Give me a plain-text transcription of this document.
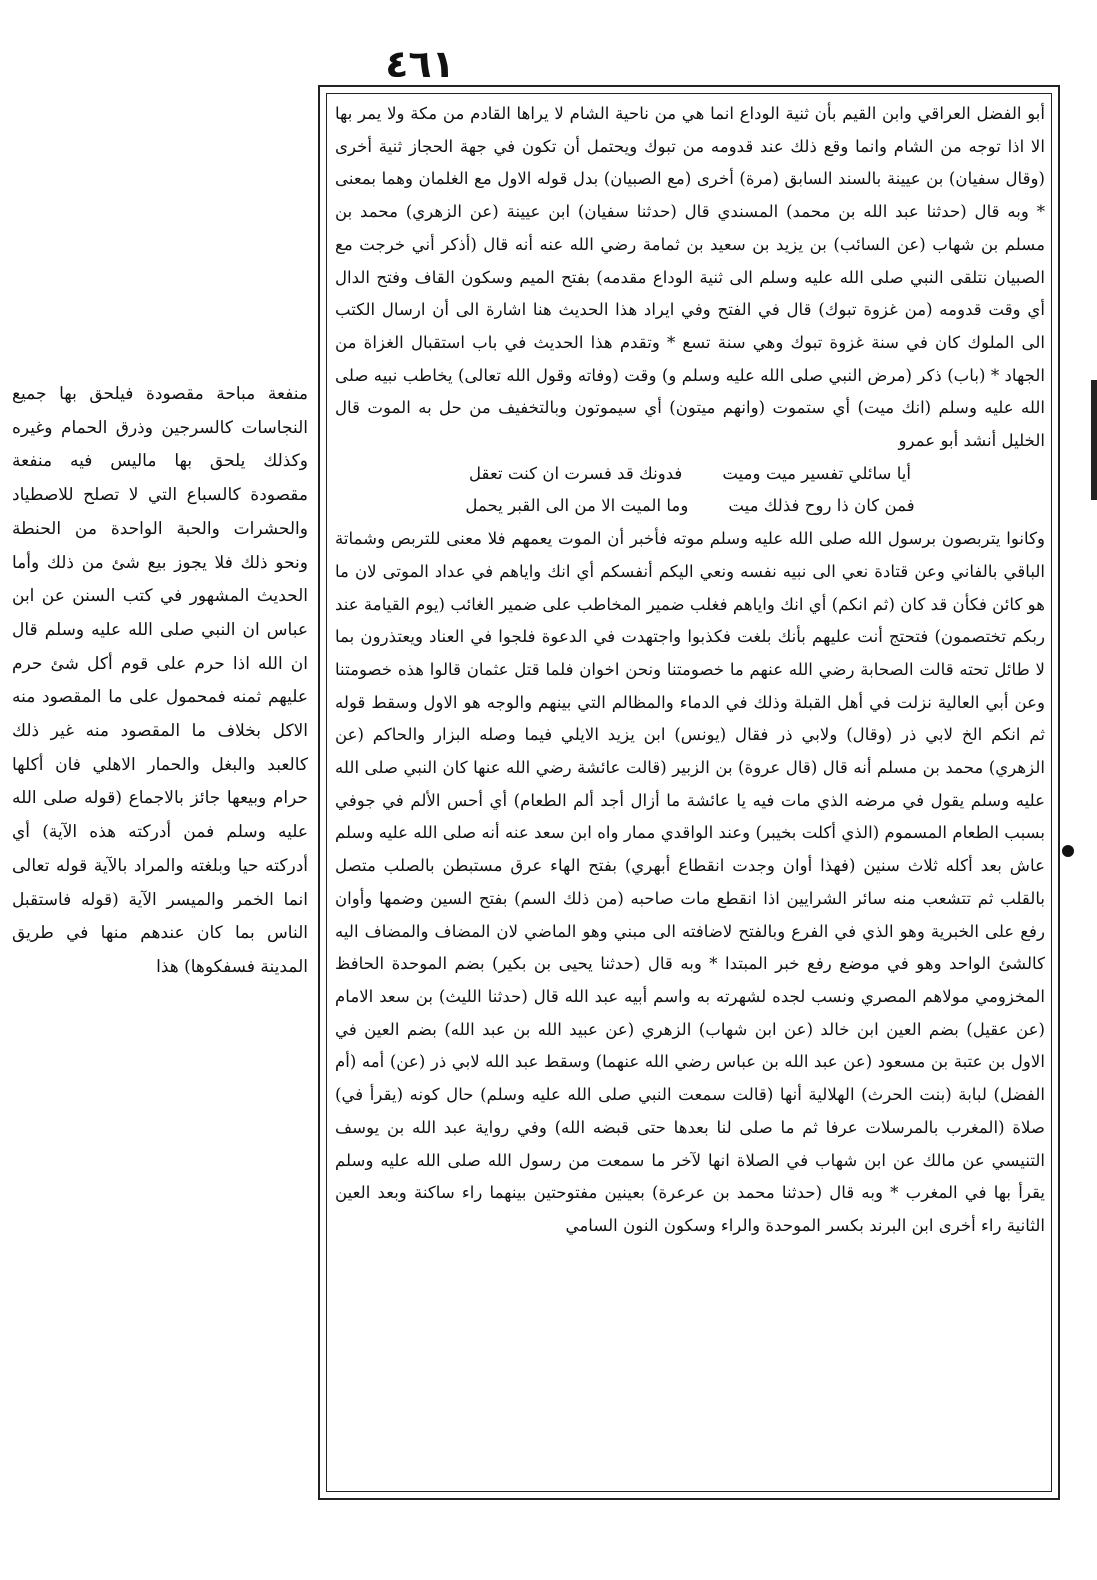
٤٦١

أبو الفضل العراقي وابن القيم بأن ثنية الوداع انما هي من ناحية الشام لا يراها القادم من مكة ولا يمر بها الا اذا توجه من الشام وانما وقع ذلك عند قدومه من تبوك ويحتمل أن تكون في جهة الحجاز ثنية أخرى (وقال سفيان) بن عيينة بالسند السابق (مرة) أخرى (مع الصبيان) بدل قوله الاول مع الغلمان وهما بمعنى * وبه قال (حدثنا عبد الله بن محمد) المسندي قال (حدثنا سفيان) ابن عيينة (عن الزهري) محمد بن مسلم بن شهاب (عن السائب) بن يزيد بن سعيد بن ثمامة رضي الله عنه أنه قال (أذكر أني خرجت مع الصبيان نتلقى النبي صلى الله عليه وسلم الى ثنية الوداع مقدمه) بفتح الميم وسكون القاف وفتح الدال أي وقت قدومه (من غزوة تبوك) قال في الفتح وفي ايراد هذا الحديث هنا اشارة الى أن ارسال الكتب الى الملوك كان في سنة غزوة تبوك وهي سنة تسع * وتقدم هذا الحديث في باب استقبال الغزاة من الجهاد * (باب) ذكر (مرض النبي صلى الله عليه وسلم و) وقت (وفاته وقول الله تعالى) يخاطب نبيه صلى الله عليه وسلم (انك ميت) أي ستموت (وانهم ميتون) أي سيموتون وبالتخفيف من حل به الموت قال الخليل أنشد أبو عمرو

أيا سائلي تفسير ميت وميت
فدونك قد فسرت ان كنت تعقل
فمن كان ذا روح فذلك ميت
وما الميت الا من الى القبر يحمل

وكانوا يتربصون برسول الله صلى الله عليه وسلم موته فأخبر أن الموت يعمهم فلا معنى للتربص وشماتة الباقي بالفاني وعن قتادة نعي الى نبيه نفسه ونعي اليكم أنفسكم أي انك واياهم في عداد الموتى لان ما هو كائن فكأن قد كان (ثم انكم) أي انك واياهم فغلب ضمير المخاطب على ضمير الغائب (يوم القيامة عند ربكم تختصمون) فتحتج أنت عليهم بأنك بلغت فكذبوا واجتهدت في الدعوة فلجوا في العناد ويعتذرون بما لا طائل تحته قالت الصحابة رضي الله عنهم ما خصومتنا ونحن اخوان فلما قتل عثمان قالوا هذه خصومتنا وعن أبي العالية نزلت في أهل القبلة وذلك في الدماء والمظالم التي بينهم والوجه هو الاول وسقط قوله ثم انكم الخ لابي ذر (وقال) ولابي ذر فقال (يونس) ابن يزيد الايلي فيما وصله البزار والحاكم (عن الزهري) محمد بن مسلم أنه قال (قال عروة) بن الزبير (قالت عائشة رضي الله عنها كان النبي صلى الله عليه وسلم يقول في مرضه الذي مات فيه يا عائشة ما أزال أجد ألم الطعام) أي أحس الألم في جوفي بسبب الطعام المسموم (الذي أكلت بخيبر) وعند الواقدي ممار واه ابن سعد عنه أنه صلى الله عليه وسلم عاش بعد أكله ثلاث سنين (فهذا أوان وجدت انقطاع أبهري) بفتح الهاء عرق مستبطن بالصلب متصل بالقلب ثم تتشعب منه سائر الشرايين اذا انقطع مات صاحبه (من ذلك السم) بفتح السين وضمها وأوان رفع على الخبرية وهو الذي في الفرع وبالفتح لاضافته الى مبني وهو الماضي لان المضاف والمضاف اليه كالشئ الواحد وهو في موضع رفع خبر المبتدا * وبه قال (حدثنا يحيى بن بكير) بضم الموحدة الحافظ المخزومي مولاهم المصري ونسب لجده لشهرته به واسم أبيه عبد الله قال (حدثنا الليث) بن سعد الامام (عن عقيل) بضم العين ابن خالد (عن ابن شهاب) الزهري (عن عبيد الله بن عبد الله) بضم العين في الاول بن عتبة بن مسعود (عن عبد الله بن عباس رضي الله عنهما) وسقط عبد الله لابي ذر (عن) أمه (أم الفضل) لبابة (بنت الحرث) الهلالية أنها (قالت سمعت النبي صلى الله عليه وسلم) حال كونه (يقرأ في) صلاة (المغرب بالمرسلات عرفا ثم ما صلى لنا بعدها حتى قبضه الله) وفي رواية عبد الله بن يوسف التنيسي عن مالك عن ابن شهاب في الصلاة انها لآخر ما سمعت من رسول الله صلى الله عليه وسلم يقرأ بها في المغرب * وبه قال (حدثنا محمد بن عرعرة) بعينين مفتوحتين بينهما راء ساكنة وبعد العين الثانية راء أخرى ابن البرند بكسر الموحدة والراء وسكون النون السامي

منفعة مباحة مقصودة فيلحق بها جميع النجاسات كالسرجين وذرق الحمام وغيره وكذلك يلحق بها ماليس فيه منفعة مقصودة كالسباع التي لا تصلح للاصطياد والحشرات والحبة الواحدة من الحنطة ونحو ذلك فلا يجوز بيع شئ من ذلك وأما الحديث المشهور في كتب السنن عن ابن عباس ان النبي صلى الله عليه وسلم قال ان الله اذا حرم على قوم أكل شئ حرم عليهم ثمنه فمحمول على ما المقصود منه الاكل بخلاف ما المقصود منه غير ذلك كالعبد والبغل والحمار الاهلي فان أكلها حرام وبيعها جائز بالاجماع (قوله صلى الله عليه وسلم فمن أدركته هذه الآية) أي أدركته حيا وبلغته والمراد بالآية قوله تعالى انما الخمر والميسر الآية (قوله فاستقبل الناس بما كان عندهم منها في طريق المدينة فسفكوها) هذا
